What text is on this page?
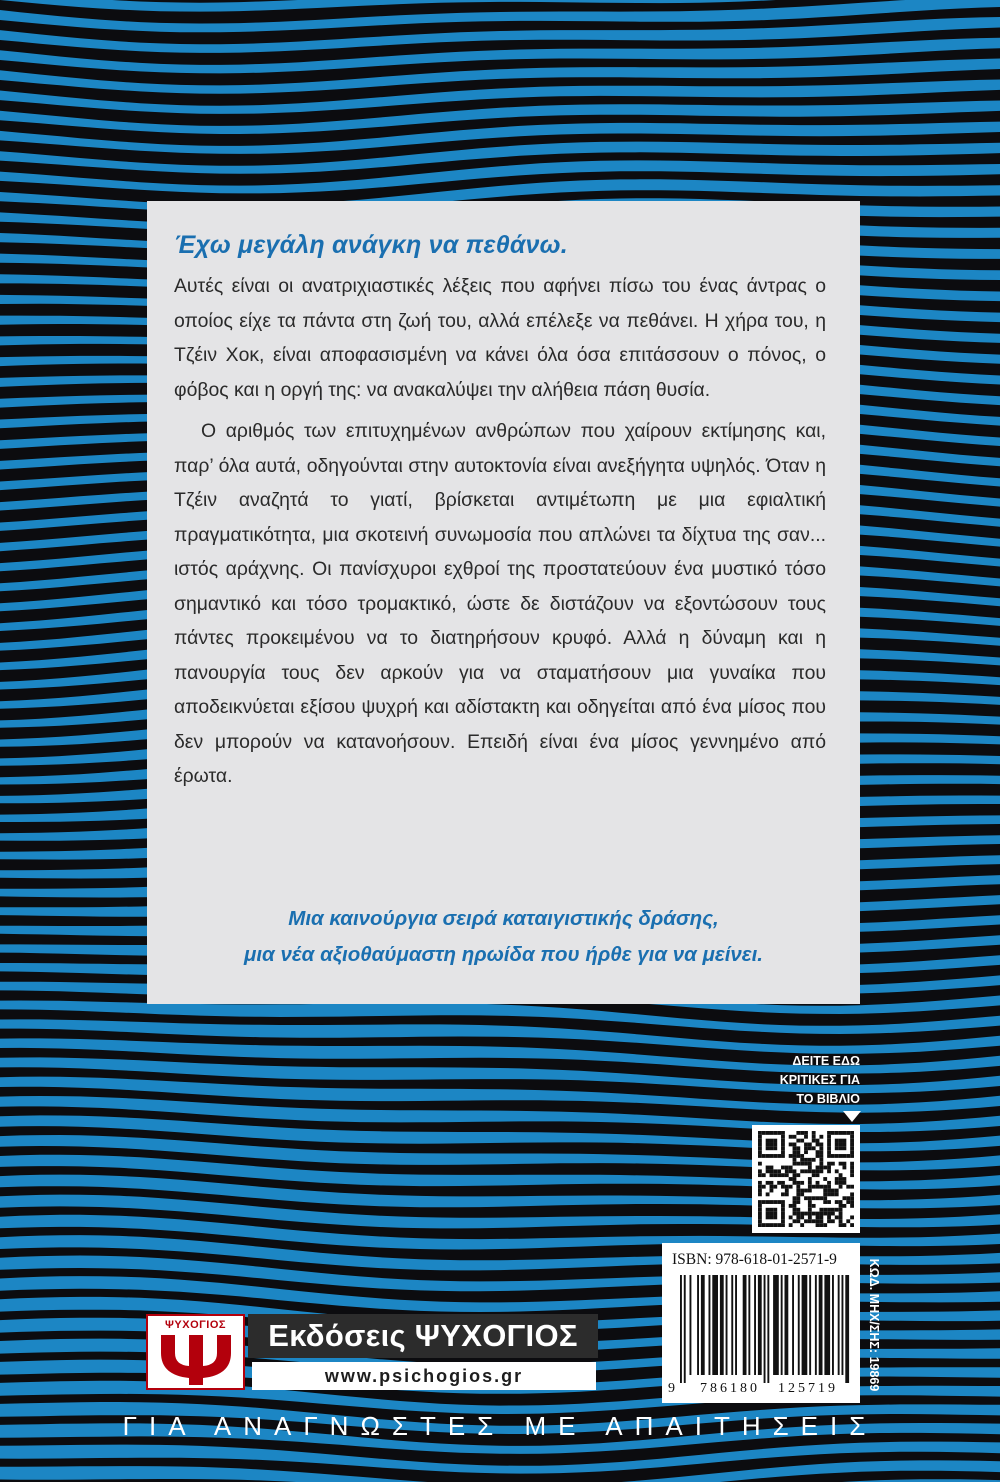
Έχω μεγάλη ανάγκη να πεθάνω.

Αυτές είναι οι ανατριχιαστικές λέξεις που αφήνει πίσω του ένας άντρας ο οποίος είχε τα πάντα στη ζωή του, αλλά επέλεξε να πεθάνει. Η χήρα του, η Τζέιν Χοκ, είναι αποφασισμένη να κάνει όλα όσα επιτάσσουν ο πόνος, ο φόβος και η οργή της: να ανακαλύψει την αλήθεια πάση θυσία.

Ο αριθμός των επιτυχημένων ανθρώπων που χαίρουν εκτίμησης και, παρ’ όλα αυτά, οδηγούνται στην αυτοκτονία είναι ανεξήγητα υψηλός. Όταν η Τζέιν αναζητά το γιατί, βρίσκεται αντιμέτωπη με μια εφιαλτική πραγματικότητα, μια σκοτεινή συνωμοσία που απλώνει τα δίχτυα της σαν... ιστός αράχνης. Οι πανίσχυροι εχθροί της προστατεύουν ένα μυστικό τόσο σημαντικό και τόσο τρομακτικό, ώστε δε διστάζουν να εξοντώσουν τους πάντες προκειμένου να το διατηρήσουν κρυφό. Αλλά η δύναμη και η πανουργία τους δεν αρκούν για να σταματήσουν μια γυναίκα που αποδεικνύεται εξίσου ψυχρή και αδίστακτη και οδηγείται από ένα μίσος που δεν μπορούν να κατανοήσουν. Επειδή είναι ένα μίσος γεννημένο από έρωτα.

Μια καινούργια σειρά καταιγιστικής δράσης,
μια νέα αξιοθαύμαστη ηρωίδα που ήρθε για να μείνει.
ΔΕΙΤΕ ΕΔΩ
ΚΡΙΤΙΚΕΣ ΓΙΑ
ΤΟ ΒΙΒΛΙΟ
ISBN: 978-618-01-2571-9
9 786180 125719 ΚΩΔ. ΜΗΧ/ΣΗΣ: 19869
ΨΥΧΟΓΙΟΣ	Εκδόσεις ΨΥΧΟΓΙΟΣ
www.psichogios.gr
ΓΙΑ ΑΝΑΓΝΩΣΤΕΣ ΜΕ ΑΠΑΙΤΗΣΕΙΣ
